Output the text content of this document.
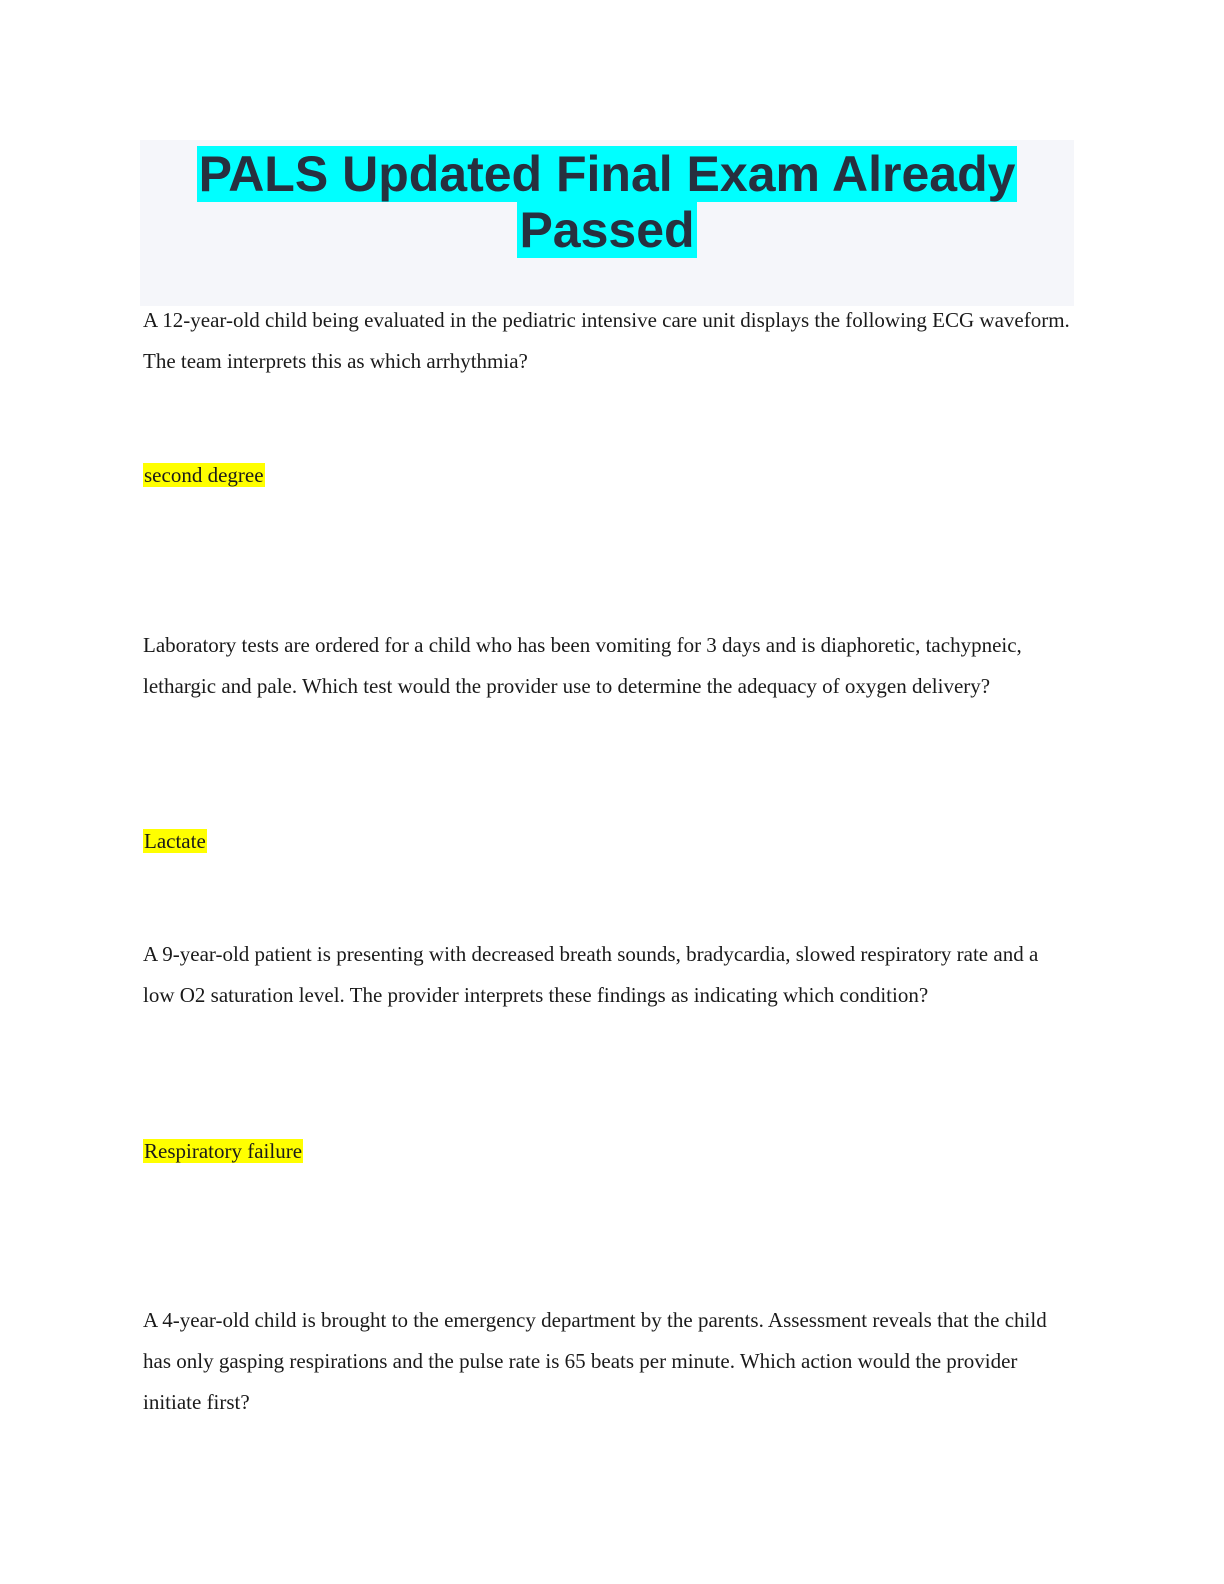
PALS Updated Final Exam Already
Passed

A 12-year-old child being evaluated in the pediatric intensive care unit displays the following ECG waveform. The team interprets this as which arrhythmia?

second degree

Laboratory tests are ordered for a child who has been vomiting for 3 days and is diaphoretic, tachypneic, lethargic and pale. Which test would the provider use to determine the adequacy of oxygen delivery?

Lactate

A 9-year-old patient is presenting with decreased breath sounds, bradycardia, slowed respiratory rate and a low O2 saturation level. The provider interprets these findings as indicating which condition?

Respiratory failure

A 4-year-old child is brought to the emergency department by the parents. Assessment reveals that the child has only gasping respirations and the pulse rate is 65 beats per minute. Which action would the provider initiate first?
